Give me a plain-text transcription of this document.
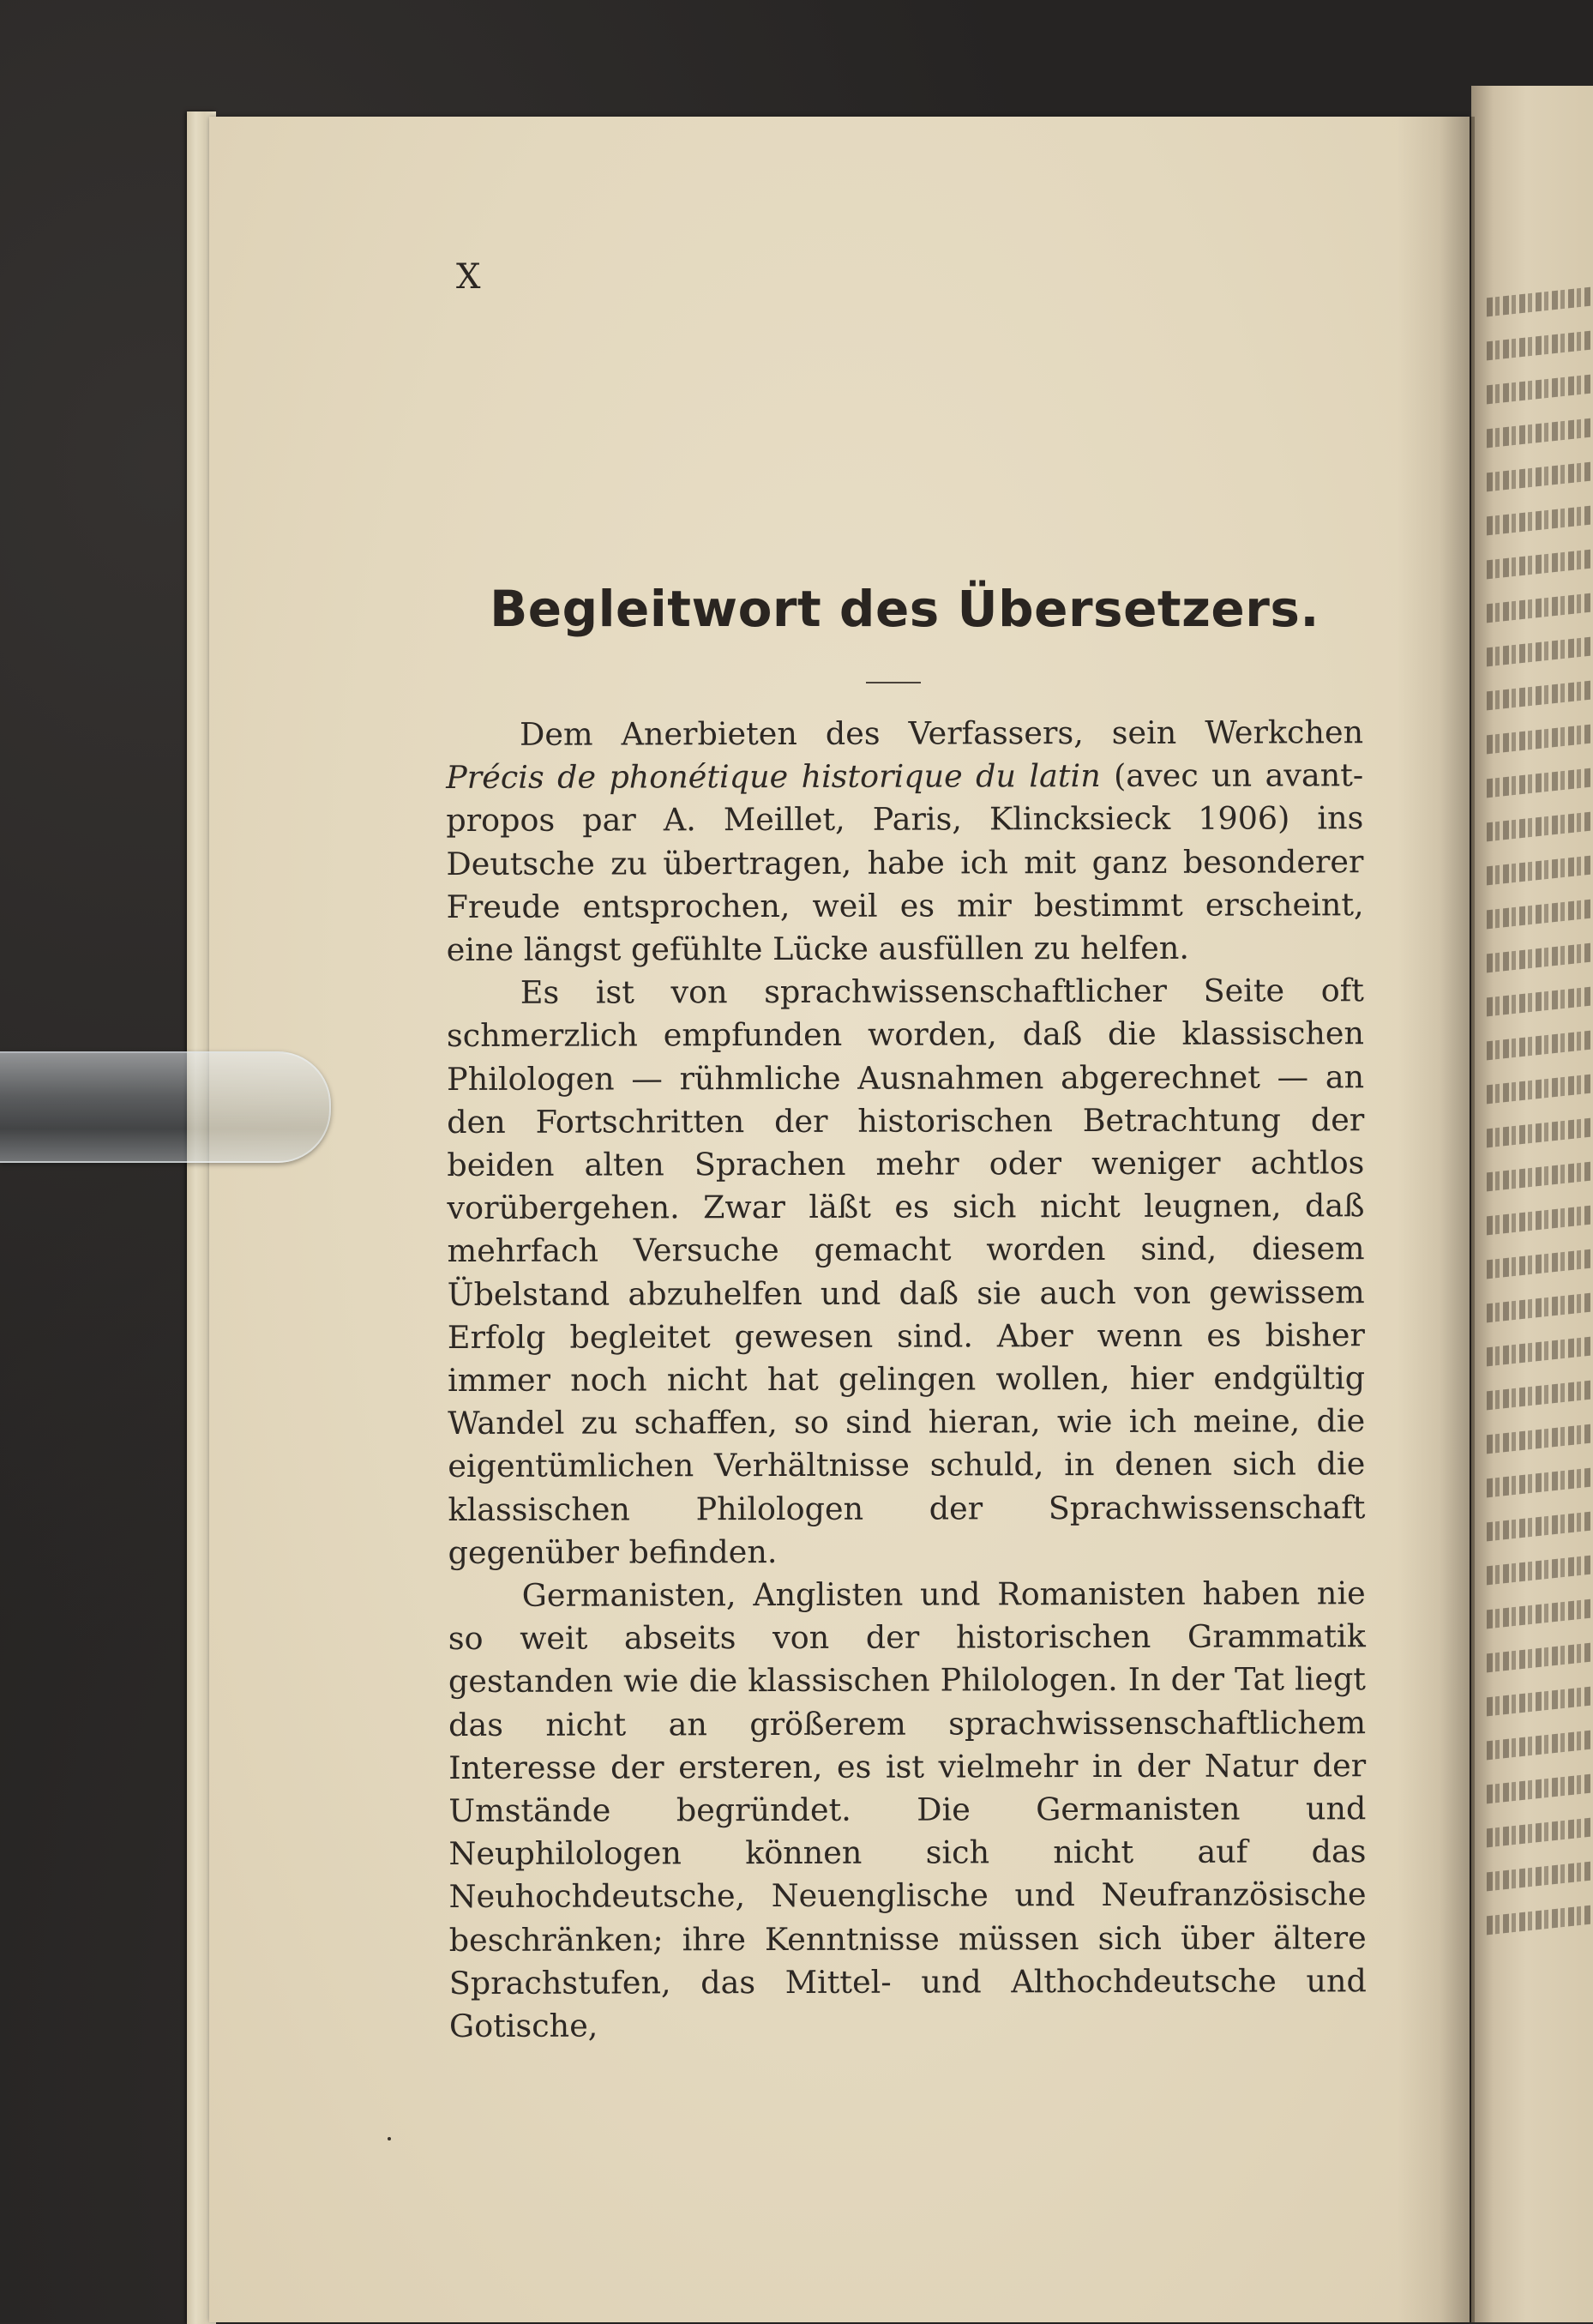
X
Begleitwort des Übersetzers.

Dem Anerbieten des Verfassers, sein Werkchen Précis de phonétique historique du latin (avec un avant-propos par A. Meillet, Paris, Klincksieck 1906) ins Deutsche zu übertragen, habe ich mit ganz besonderer Freude entsprochen, weil es mir bestimmt erscheint, eine längst gefühlte Lücke ausfüllen zu helfen.

Es ist von sprachwissenschaftlicher Seite oft schmerzlich empfunden worden, daß die klassischen Philologen — rühmliche Ausnahmen abgerechnet — an den Fortschritten der historischen Betrachtung der beiden alten Sprachen mehr oder weniger achtlos vorübergehen. Zwar läßt es sich nicht leugnen, daß mehrfach Versuche gemacht worden sind, diesem Übelstand abzuhelfen und daß sie auch von gewissem Erfolg begleitet gewesen sind. Aber wenn es bisher immer noch nicht hat gelingen wollen, hier endgültig Wandel zu schaffen, so sind hieran, wie ich meine, die eigentümlichen Verhältnisse schuld, in denen sich die klassischen Philologen der Sprachwissenschaft gegenüber befinden.

Germanisten, Anglisten und Romanisten haben nie so weit abseits von der historischen Grammatik gestanden wie die klassischen Philologen. In der Tat liegt das nicht an größerem sprachwissenschaftlichem Interesse der ersteren, es ist vielmehr in der Natur der Umstände begründet. Die Germanisten und Neuphilologen können sich nicht auf das Neuhochdeutsche, Neuenglische und Neufranzösische beschränken; ihre Kenntnisse müssen sich über ältere Sprachstufen, das Mittel- und Althochdeutsche und Gotische,
